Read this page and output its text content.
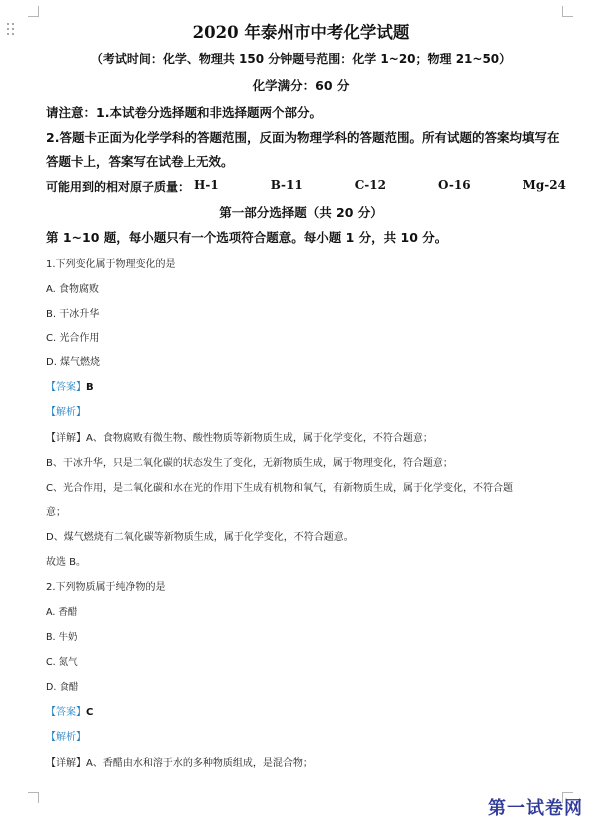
2020 年泰州市中考化学试题
（考试时间：化学、物理共 150 分钟题号范围：化学 1~20；物理 21~50）
化学满分：60 分
请注意：1.本试卷分选择题和非选择题两个部分。
2.答题卡正面为化学学科的答题范围，反面为物理学科的答题范围。所有试题的答案均填写在
答题卡上，答案写在试卷上无效。
可能用到的相对原子质量： H-1	B-11	C-12	O-16	Mg-24
第一部分选择题（共 20 分）
第 1~10 题，每小题只有一个选项符合题意。每小题 1 分，共 10 分。
1.下列变化属于物理变化的是
A. 食物腐败
B. 干冰升华
C. 光合作用
D. 煤气燃烧
【答案】B
【解析】
【详解】A、食物腐败有微生物、酸性物质等新物质生成，属于化学变化，不符合题意；
B、干冰升华，只是二氧化碳的状态发生了变化，无新物质生成，属于物理变化，符合题意；
C、光合作用，是二氧化碳和水在光的作用下生成有机物和氧气，有新物质生成，属于化学变化，不符合题
意；
D、煤气燃烧有二氧化碳等新物质生成，属于化学变化，不符合题意。
故选 B。
2.下列物质属于纯净物的是
A. 香醋
B. 牛奶
C. 氮气
D. 食醋
【答案】C
【解析】
【详解】A、香醋由水和溶于水的多种物质组成，是混合物；
第一试卷网
